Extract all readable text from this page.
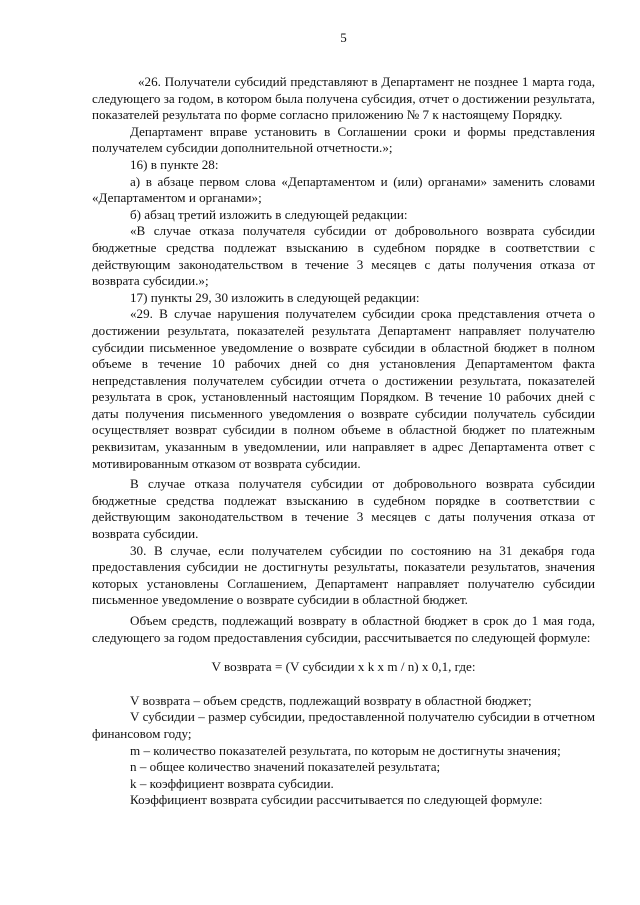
5

«26. Получатели субсидий представляют в Департамент не позднее 1 марта года, следующего за годом, в котором была получена субсидия, отчет о достижении результата, показателей результата по форме согласно приложению № 7 к настоящему Порядку.

Департамент вправе установить в Соглашении сроки и формы представления получателем субсидии дополнительной отчетности.»;

16) в пункте 28:

а) в абзаце первом слова «Департаментом и (или) органами» заменить словами «Департаментом и органами»;

б) абзац третий изложить в следующей редакции:

«В случае отказа получателя субсидии от добровольного возврата субсидии бюджетные средства подлежат взысканию в судебном порядке в соответствии с действующим законодательством в течение 3 месяцев с даты получения отказа от возврата субсидии.»;

17) пункты 29, 30 изложить в следующей редакции:

«29. В случае нарушения получателем субсидии срока представления отчета о достижении результата, показателей результата Департамент направляет получателю субсидии письменное уведомление о возврате субсидии в областной бюджет в полном объеме в течение 10 рабочих дней со дня установления Департаментом факта непредставления получателем субсидии отчета о достижении результата, показателей результата в срок, установленный настоящим Порядком. В течение 10 рабочих дней с даты получения письменного уведомления о возврате субсидии получатель субсидии осуществляет возврат субсидии в полном объеме в областной бюджет по платежным реквизитам, указанным в уведомлении, или направляет в адрес Департамента ответ с мотивированным отказом от возврата субсидии.

В случае отказа получателя субсидии от добровольного возврата субсидии бюджетные средства подлежат взысканию в судебном порядке в соответствии с действующим законодательством в течение 3 месяцев с даты получения отказа от возврата субсидии.

30. В случае, если получателем субсидии по состоянию на 31 декабря года предоставления субсидии не достигнуты результаты, показатели результатов, значения которых установлены Соглашением, Департамент направляет получателю субсидии письменное уведомление о возврате субсидии в областной бюджет.

Объем средств, подлежащий возврату в областной бюджет в срок до 1 мая года, следующего за годом предоставления субсидии, рассчитывается по следующей формуле:

V возврата = (V субсидии x k x m / n) x 0,1, где:

V возврата – объем средств, подлежащий возврату в областной бюджет;

V субсидии – размер субсидии, предоставленной получателю субсидии в отчетном финансовом году;

m – количество показателей результата, по которым не достигнуты значения;

n – общее количество значений показателей результата;

k – коэффициент возврата субсидии.

Коэффициент возврата субсидии рассчитывается по следующей формуле:
